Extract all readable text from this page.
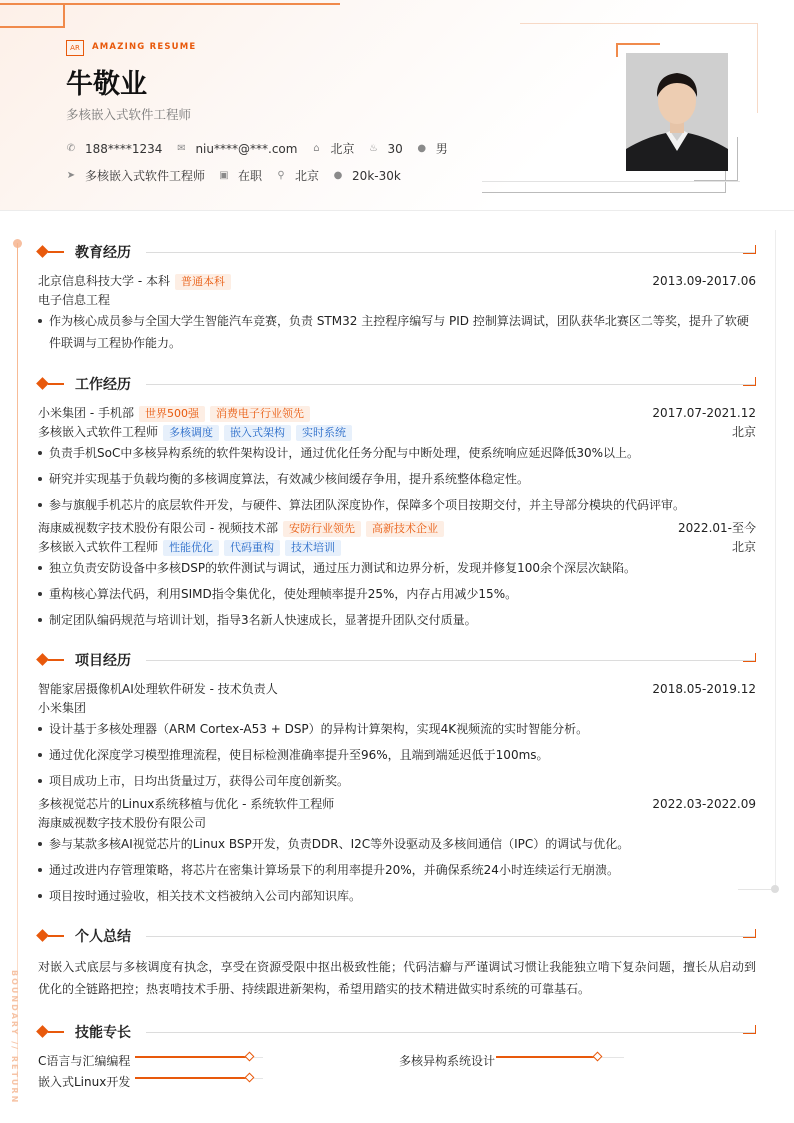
AR	AMAZING RESUME
牛敬业
多核嵌入式软件工程师
✆ 188****1234 ✉ niu****@***.com ⌂ 北京 ♨ 30 ● 男
➤ 多核嵌入式软件工程师 ▣ 在职 ⚲ 北京 ● 20k-30k
BOUNDARY // RETURN
教育经历
北京信息科技大学 - 本科	普通本科	2013.09-2017.06
电子信息工程
作为核心成员参与全国大学生智能汽车竞赛，负责 STM32 主控程序编写与 PID 控制算法调试，团队获华北赛区二等奖，提升了软硬件联调与工程协作能力。
工作经历
小米集团 - 手机部	世界500强	消费电子行业领先	2017.07-2021.12
多核嵌入式软件工程师	多核调度	嵌入式架构	实时系统	北京
负责手机SoC中多核异构系统的软件架构设计，通过优化任务分配与中断处理，使系统响应延迟降低30%以上。
研究并实现基于负载均衡的多核调度算法，有效减少核间缓存争用，提升系统整体稳定性。
参与旗舰手机芯片的底层软件开发，与硬件、算法团队深度协作，保障多个项目按期交付，并主导部分模块的代码评审。
海康威视数字技术股份有限公司 - 视频技术部	安防行业领先	高新技术企业	2022.01-至今
多核嵌入式软件工程师	性能优化	代码重构	技术培训	北京
独立负责安防设备中多核DSP的软件测试与调试，通过压力测试和边界分析，发现并修复100余个深层次缺陷。
重构核心算法代码，利用SIMD指令集优化，使处理帧率提升25%，内存占用减少15%。
制定团队编码规范与培训计划，指导3名新人快速成长，显著提升团队交付质量。
项目经历
智能家居摄像机AI处理软件研发 - 技术负责人	2018.05-2019.12
小米集团
设计基于多核处理器（ARM Cortex-A53 + DSP）的异构计算架构，实现4K视频流的实时智能分析。
通过优化深度学习模型推理流程，使目标检测准确率提升至96%，且端到端延迟低于100ms。
项目成功上市，日均出货量过万，获得公司年度创新奖。
多核视觉芯片的Linux系统移植与优化 - 系统软件工程师	2022.03-2022.09
海康威视数字技术股份有限公司
参与某款多核AI视觉芯片的Linux BSP开发，负责DDR、I2C等外设驱动及多核间通信（IPC）的调试与优化。
通过改进内存管理策略，将芯片在密集计算场景下的利用率提升20%，并确保系统24小时连续运行无崩溃。
项目按时通过验收，相关技术文档被纳入公司内部知识库。
个人总结
对嵌入式底层与多核调度有执念，享受在资源受限中抠出极致性能；代码洁癖与严谨调试习惯让我能独立啃下复杂问题，擅长从启动到优化的全链路把控；热衷啃技术手册、持续跟进新架构，希望用踏实的技术精进做实时系统的可靠基石。
技能专长
C语言与汇编编程	多核异构系统设计
嵌入式Linux开发
